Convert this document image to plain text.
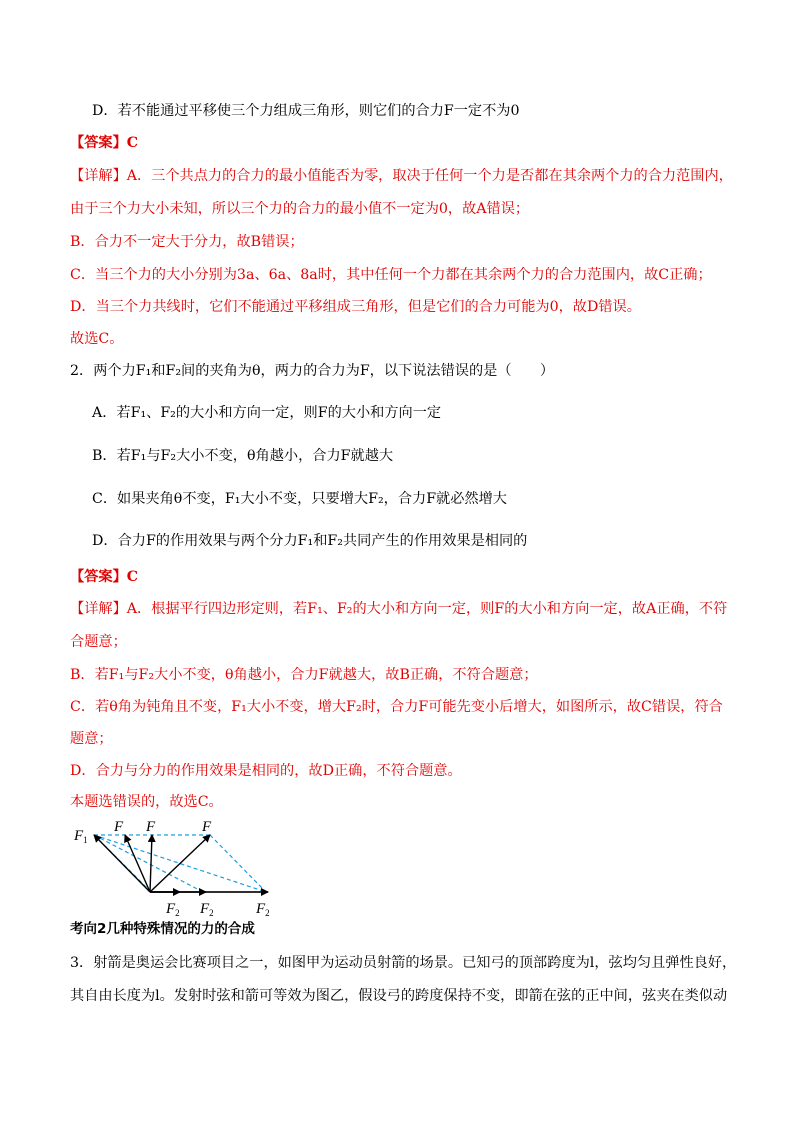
D．若不能通过平移使三个力组成三角形，则它们的合力F一定不为0
【答案】C
【详解】A．三个共点力的合力的最小值能否为零，取决于任何一个力是否都在其余两个力的合力范围内，
由于三个力大小未知，所以三个力的合力的最小值不一定为0，故A错误；
B．合力不一定大于分力，故B错误；
C．当三个力的大小分别为3a、6a、8a时，其中任何一个力都在其余两个力的合力范围内，故C正确；
D．当三个力共线时，它们不能通过平移组成三角形，但是它们的合力可能为0，故D错误。
故选C。
2．两个力F₁和F₂间的夹角为θ，两力的合力为F，以下说法错误的是（　　）
A．若F₁、F₂的大小和方向一定，则F的大小和方向一定
B．若F₁与F₂大小不变，θ角越小，合力F就越大
C．如果夹角θ不变，F₁大小不变，只要增大F₂，合力F就必然增大
D．合力F的作用效果与两个分力F₁和F₂共同产生的作用效果是相同的
【答案】C
【详解】A．根据平行四边形定则，若F₁、F₂的大小和方向一定，则F的大小和方向一定，故A正确，不符
合题意；
B．若F₁与F₂大小不变，θ角越小，合力F就越大，故B正确，不符合题意；
C．若θ角为钝角且不变，F₁大小不变，增大F₂时，合力F可能先变小后增大，如图所示，故C错误，符合
题意；
D．合力与分力的作用效果是相同的，故D正确，不符合题意。
本题选错误的，故选C。
$F_1$
F F	F
$F_2$ $F_2$	$F_2$
考向2几种特殊情况的力的合成
3．射箭是奥运会比赛项目之一，如图甲为运动员射箭的场景。已知弓的顶部跨度为l，弦均匀且弹性良好，
其自由长度为l。发射时弦和箭可等效为图乙，假设弓的跨度保持不变，即箭在弦的正中间，弦夹在类似动
